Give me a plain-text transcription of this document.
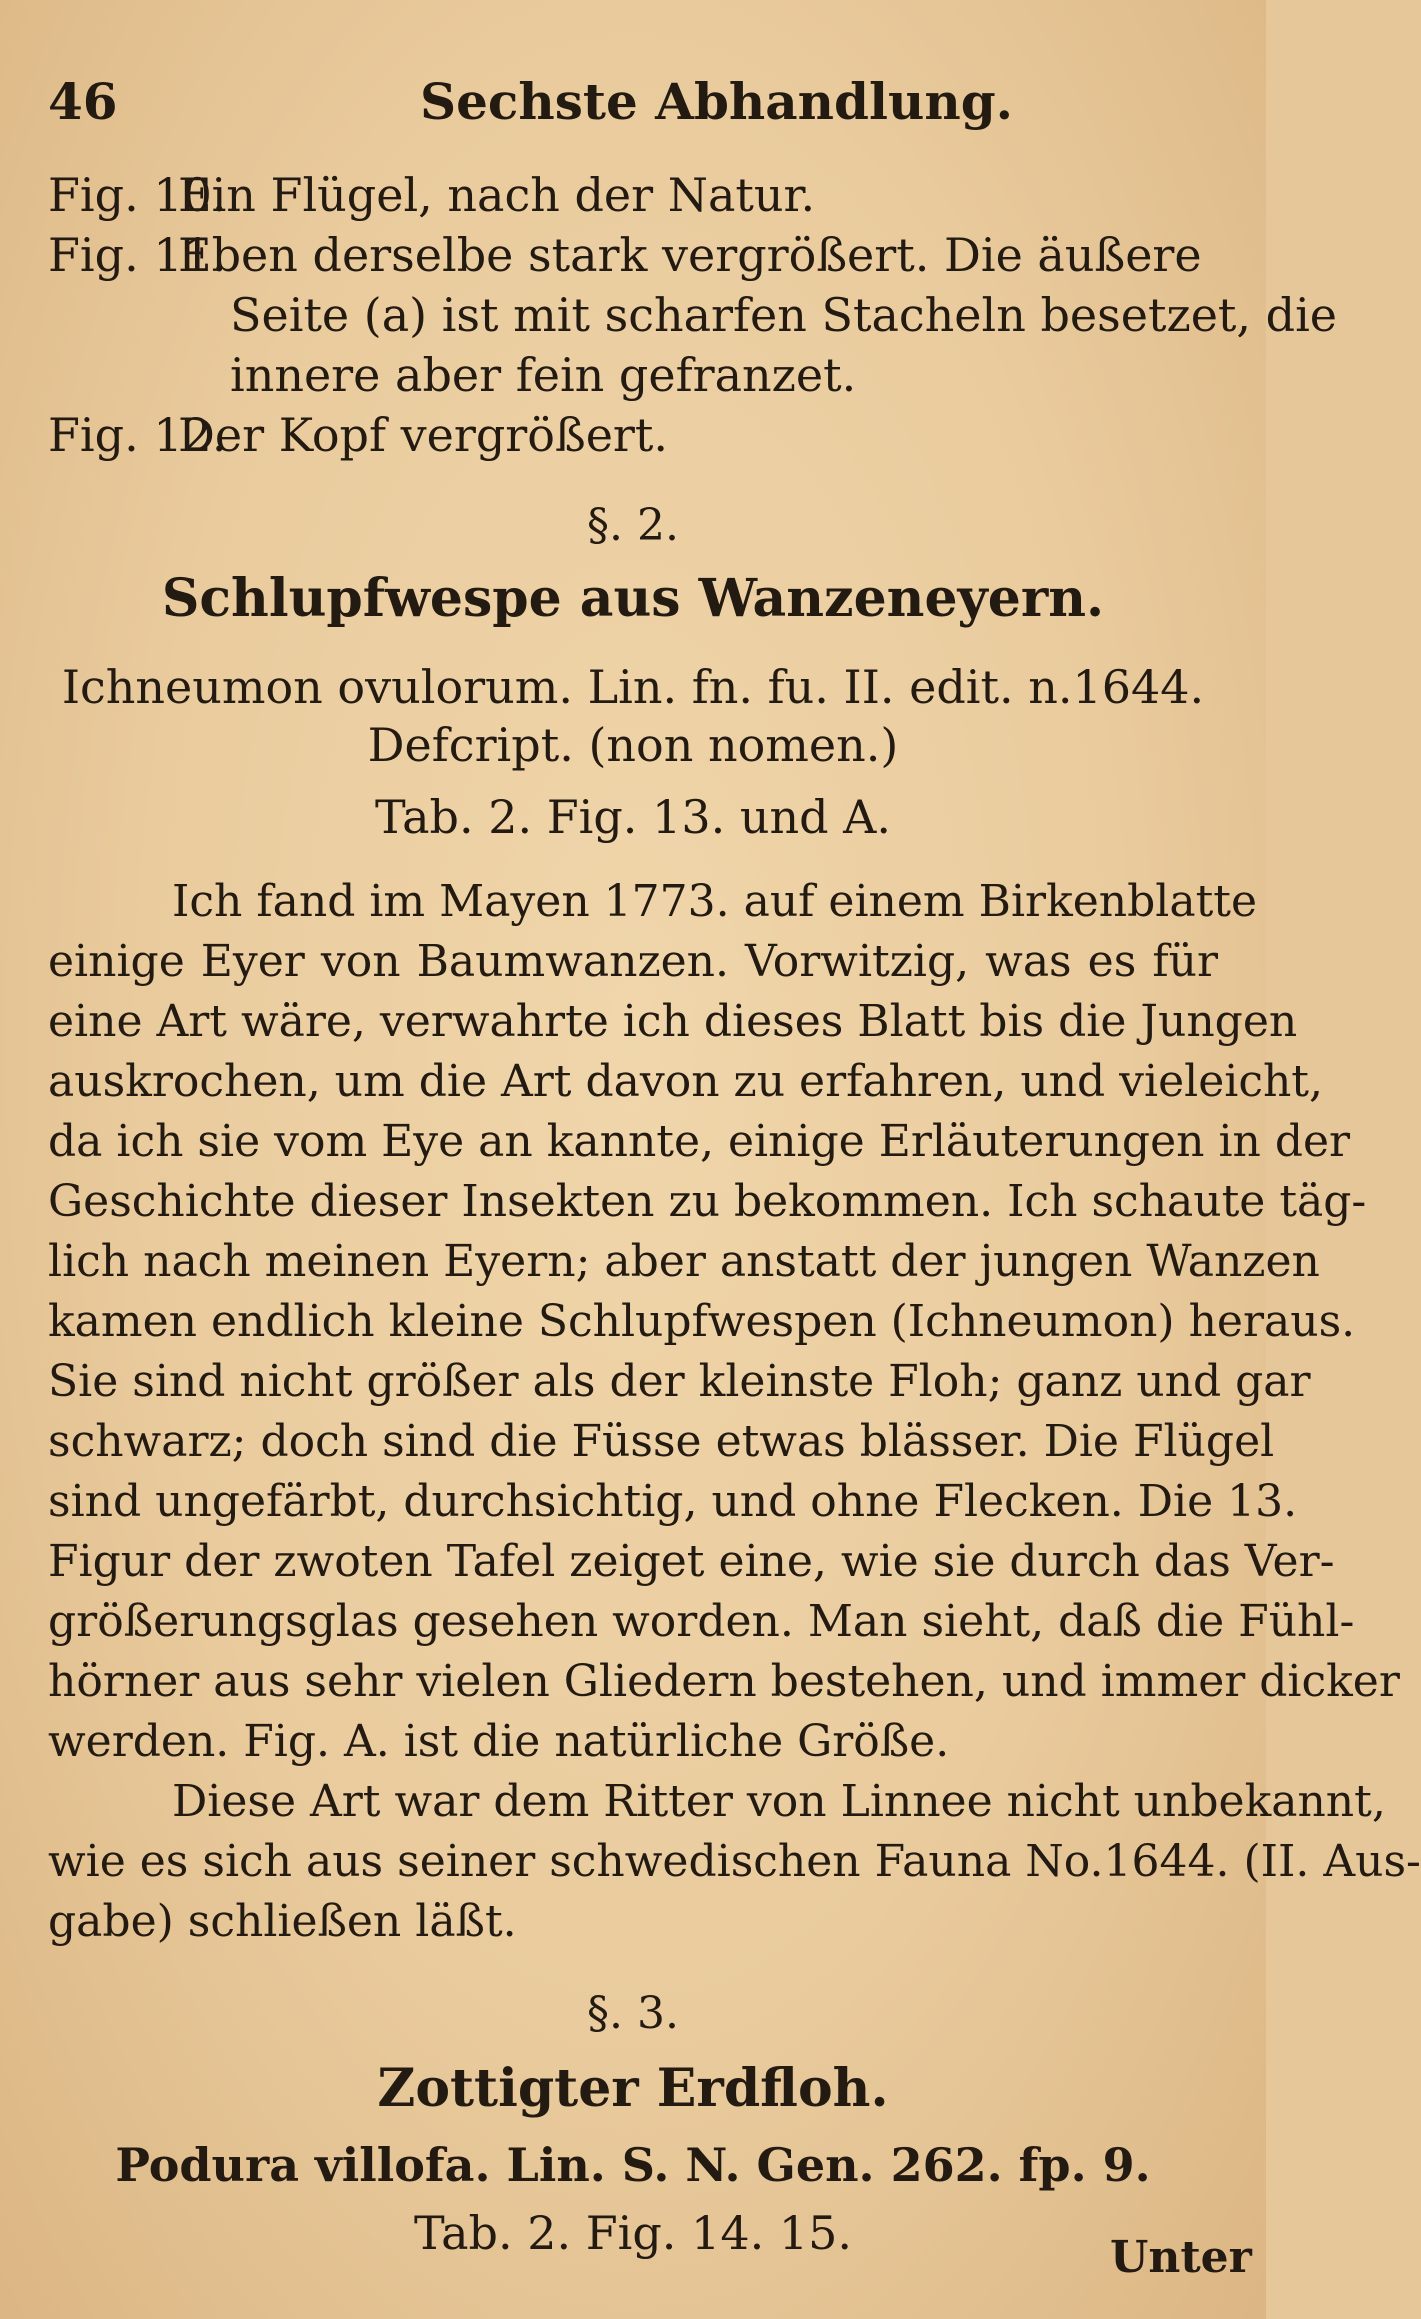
46	Sechste Abhandlung.
Fig. 10.Ein Flügel, nach der Natur.
Fig. 11.Eben derselbe stark vergrößert. Die äußere
Seite (a) ist mit scharfen Stacheln besetzet, die
innere aber fein gefranzet.
Fig. 12.Der Kopf vergrößert.
§. 2.
Schlupfwespe aus Wanzeneyern.
Ichneumon ovulorum. Lin. fn. fu. II. edit. n.1644.
Defcript. (non nomen.)
Tab. 2. Fig. 13. und A.
Ich fand im Mayen 1773. auf einem Birkenblatte
einige Eyer von Baumwanzen. Vorwitzig, was es für
eine Art wäre, verwahrte ich dieses Blatt bis die Jungen
auskrochen, um die Art davon zu erfahren, und vieleicht,
da ich sie vom Eye an kannte, einige Erläuterungen in der
Geschichte dieser Insekten zu bekommen. Ich schaute täg-
lich nach meinen Eyern; aber anstatt der jungen Wanzen
kamen endlich kleine Schlupfwespen (Ichneumon) heraus.
Sie sind nicht größer als der kleinste Floh; ganz und gar
schwarz; doch sind die Füsse etwas blässer. Die Flügel
sind ungefärbt, durchsichtig, und ohne Flecken. Die 13.
Figur der zwoten Tafel zeiget eine, wie sie durch das Ver-
größerungsglas gesehen worden. Man sieht, daß die Fühl-
hörner aus sehr vielen Gliedern bestehen, und immer dicker
werden. Fig. A. ist die natürliche Größe.
Diese Art war dem Ritter von Linnee nicht unbekannt,
wie es sich aus seiner schwedischen Fauna No.1644. (II. Aus-
gabe) schließen läßt.
§. 3.
Zottigter Erdfloh.
Podura villofa. Lin. S. N. Gen. 262. fp. 9.
Tab. 2. Fig. 14. 15.	Unter
